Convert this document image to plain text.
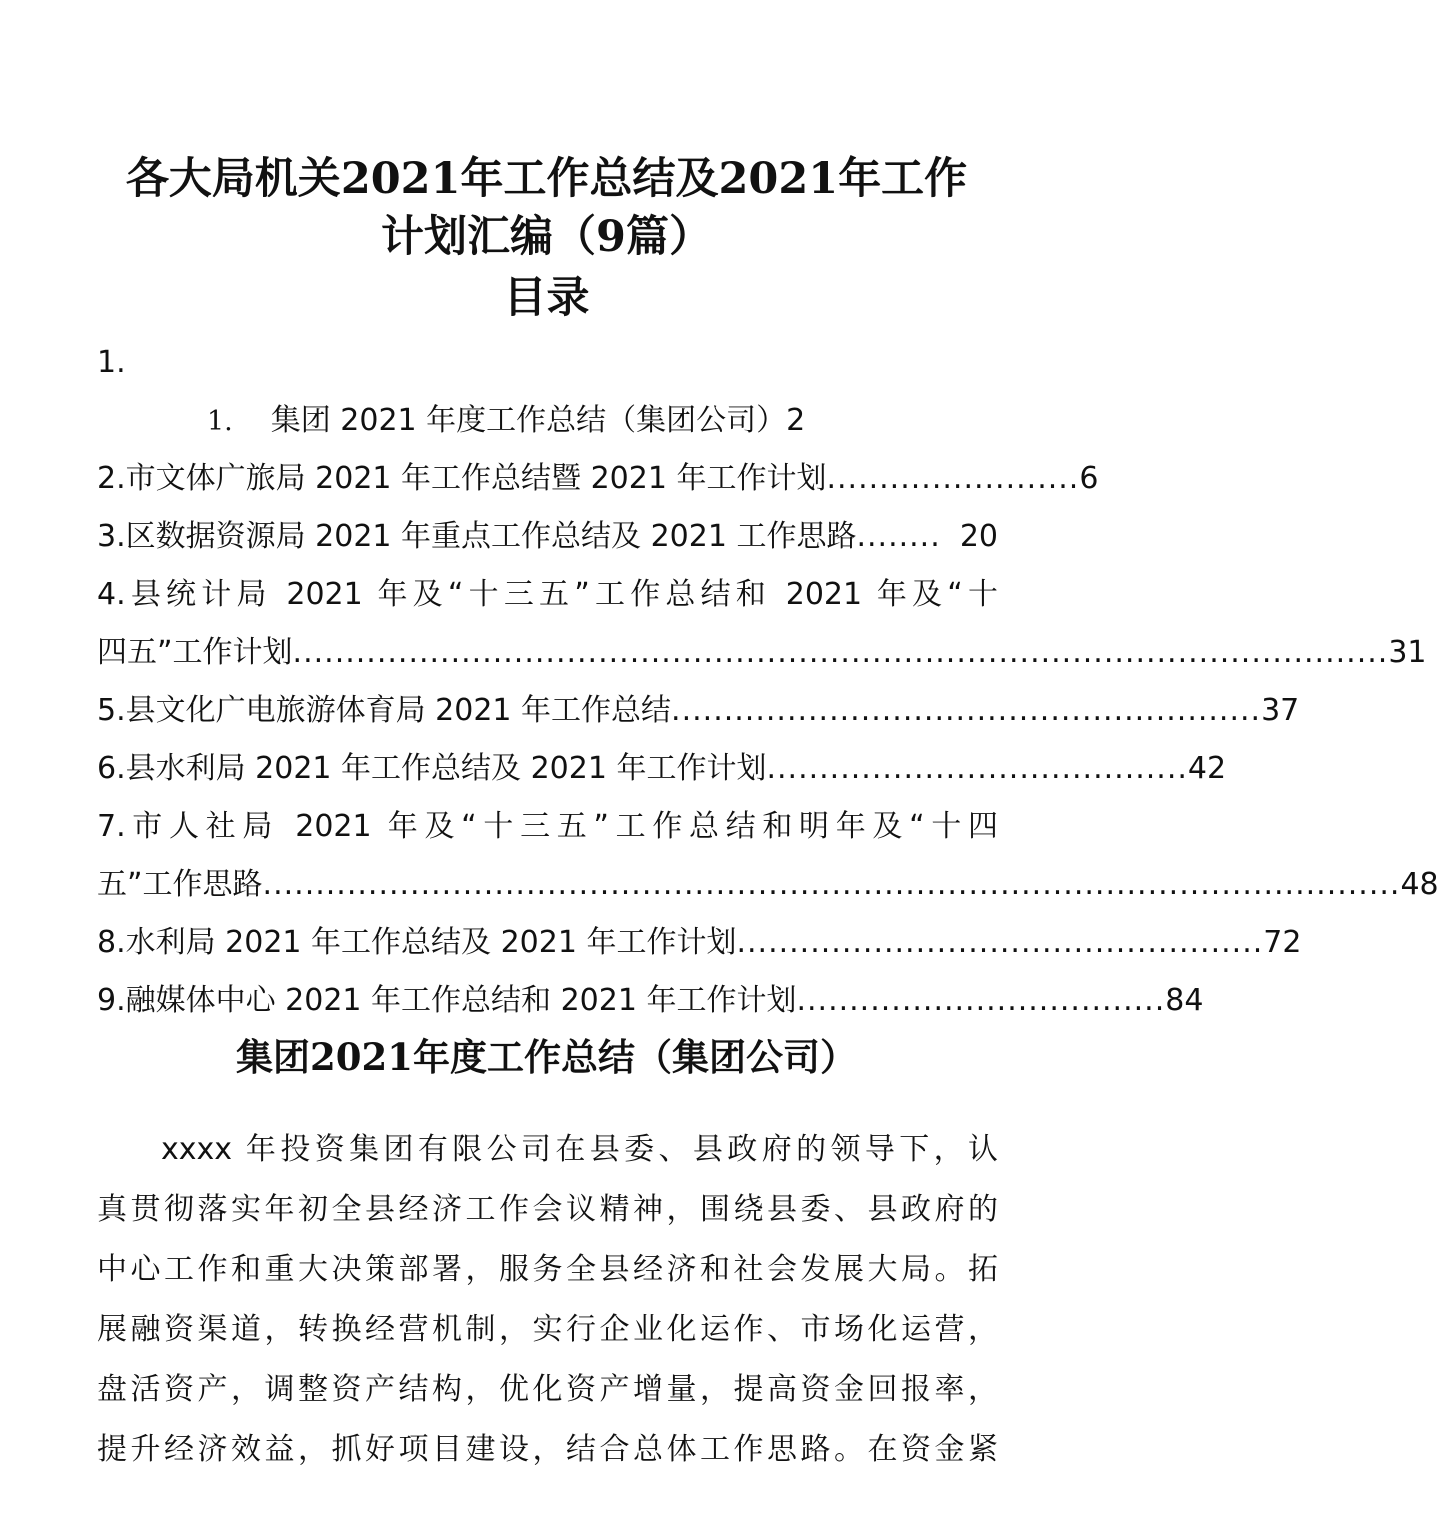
各大局机关2021年工作总结及2021年工作
计划汇编（9篇）
目录
1.
1. 集团 2021 年度工作总结（集团公司）2
2.市文体广旅局 2021 年工作总结暨 2021 年工作计划 ........................ 6
3.区数据资源局 2021 年重点工作总结及 2021 工作思路 ........ 20
4.县统计局 2021 年及“十三五”工作总结和 2021 年及“十
四五”工作计划 ........................................................................................................ 31
5.县文化广电旅游体育局 2021 年工作总结 ........................................................ 37
6.县水利局 2021 年工作总结及 2021 年工作计划 ........................................ 42
7.市人社局 2021 年及“十三五”工作总结和明年及“十四
五”工作思路 ............................................................................................................ 48
8.水利局 2021 年工作总结及 2021 年工作计划 .................................................. 72
9.融媒体中心 2021 年工作总结和 2021 年工作计划 ................................... 84
集团2021年度工作总结（集团公司）
xxxx 年投资集团有限公司在县委、县政府的领导下，认
真贯彻落实年初全县经济工作会议精神，围绕县委、县政府的
中心工作和重大决策部署，服务全县经济和社会发展大局。拓
展融资渠道，转换经营机制，实行企业化运作、市场化运营，
盘活资产，调整资产结构，优化资产增量，提高资金回报率，
提升经济效益，抓好项目建设，结合总体工作思路。在资金紧
